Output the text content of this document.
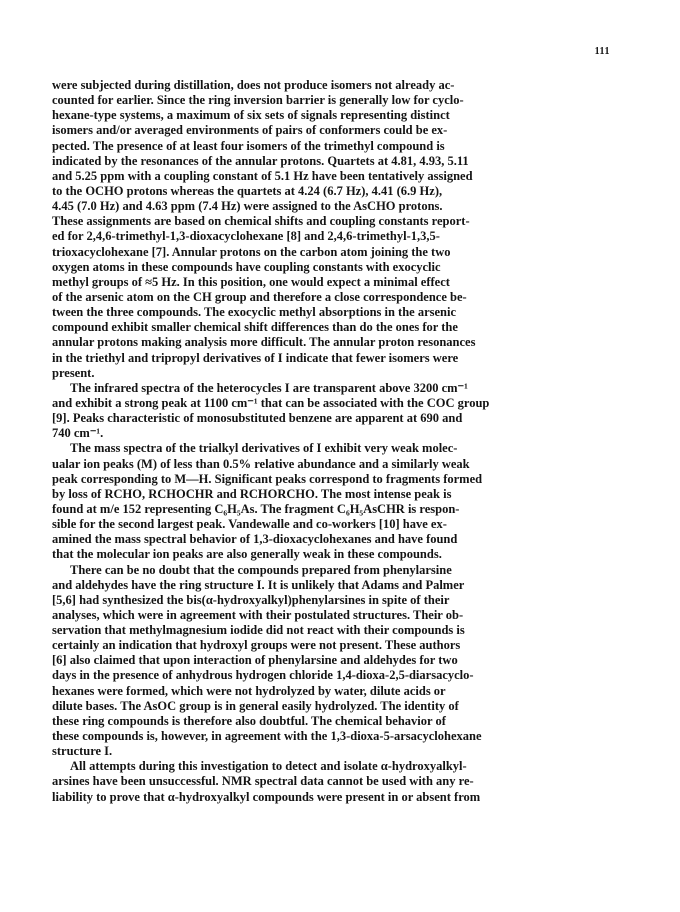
111
were subjected during distillation, does not produce isomers not already ac-
counted for earlier. Since the ring inversion barrier is generally low for cyclo-
hexane-type systems, a maximum of six sets of signals representing distinct
isomers and/or averaged environments of pairs of conformers could be ex-
pected. The presence of at least four isomers of the trimethyl compound is
indicated by the resonances of the annular protons. Quartets at 4.81, 4.93, 5.11
and 5.25 ppm with a coupling constant of 5.1 Hz have been tentatively assigned
to the OCHO protons whereas the quartets at 4.24 (6.7 Hz), 4.41 (6.9 Hz),
4.45 (7.0 Hz) and 4.63 ppm (7.4 Hz) were assigned to the AsCHO protons.
These assignments are based on chemical shifts and coupling constants report-
ed for 2,4,6-trimethyl-1,3-dioxacyclohexane [8] and 2,4,6-trimethyl-1,3,5-
trioxacyclohexane [7]. Annular protons on the carbon atom joining the two
oxygen atoms in these compounds have coupling constants with exocyclic
methyl groups of ≈5 Hz. In this position, one would expect a minimal effect
of the arsenic atom on the CH group and therefore a close correspondence be-
tween the three compounds. The exocyclic methyl absorptions in the arsenic
compound exhibit smaller chemical shift differences than do the ones for the
annular protons making analysis more difficult. The annular proton resonances
in the triethyl and tripropyl derivatives of I indicate that fewer isomers were
present.
The infrared spectra of the heterocycles I are transparent above 3200 cm⁻¹
and exhibit a strong peak at 1100 cm⁻¹ that can be associated with the COC group
[9]. Peaks characteristic of monosubstituted benzene are apparent at 690 and
740 cm⁻¹.
The mass spectra of the trialkyl derivatives of I exhibit very weak molec-
ualar ion peaks (M) of less than 0.5% relative abundance and a similarly weak
peak corresponding to M—H. Significant peaks correspond to fragments formed
by loss of RCHO, RCHOCHR and RCHORCHO. The most intense peak is
found at m/e 152 representing C₆H₅As. The fragment C₆H₅AsCHR is respon-
sible for the second largest peak. Vandewalle and co-workers [10] have ex-
amined the mass spectral behavior of 1,3-dioxacyclohexanes and have found
that the molecular ion peaks are also generally weak in these compounds.
There can be no doubt that the compounds prepared from phenylarsine
and aldehydes have the ring structure I. It is unlikely that Adams and Palmer
[5,6] had synthesized the bis(α-hydroxyalkyl)phenylarsines in spite of their
analyses, which were in agreement with their postulated structures. Their ob-
servation that methylmagnesium iodide did not react with their compounds is
certainly an indication that hydroxyl groups were not present. These authors
[6] also claimed that upon interaction of phenylarsine and aldehydes for two
days in the presence of anhydrous hydrogen chloride 1,4-dioxa-2,5-diarsacyclo-
hexanes were formed, which were not hydrolyzed by water, dilute acids or
dilute bases. The AsOC group is in general easily hydrolyzed. The identity of
these ring compounds is therefore also doubtful. The chemical behavior of
these compounds is, however, in agreement with the 1,3-dioxa-5-arsacyclohexane
structure I.
All attempts during this investigation to detect and isolate α-hydroxyalkyl-
arsines have been unsuccessful. NMR spectral data cannot be used with any re-
liability to prove that α-hydroxyalkyl compounds were present in or absent from
